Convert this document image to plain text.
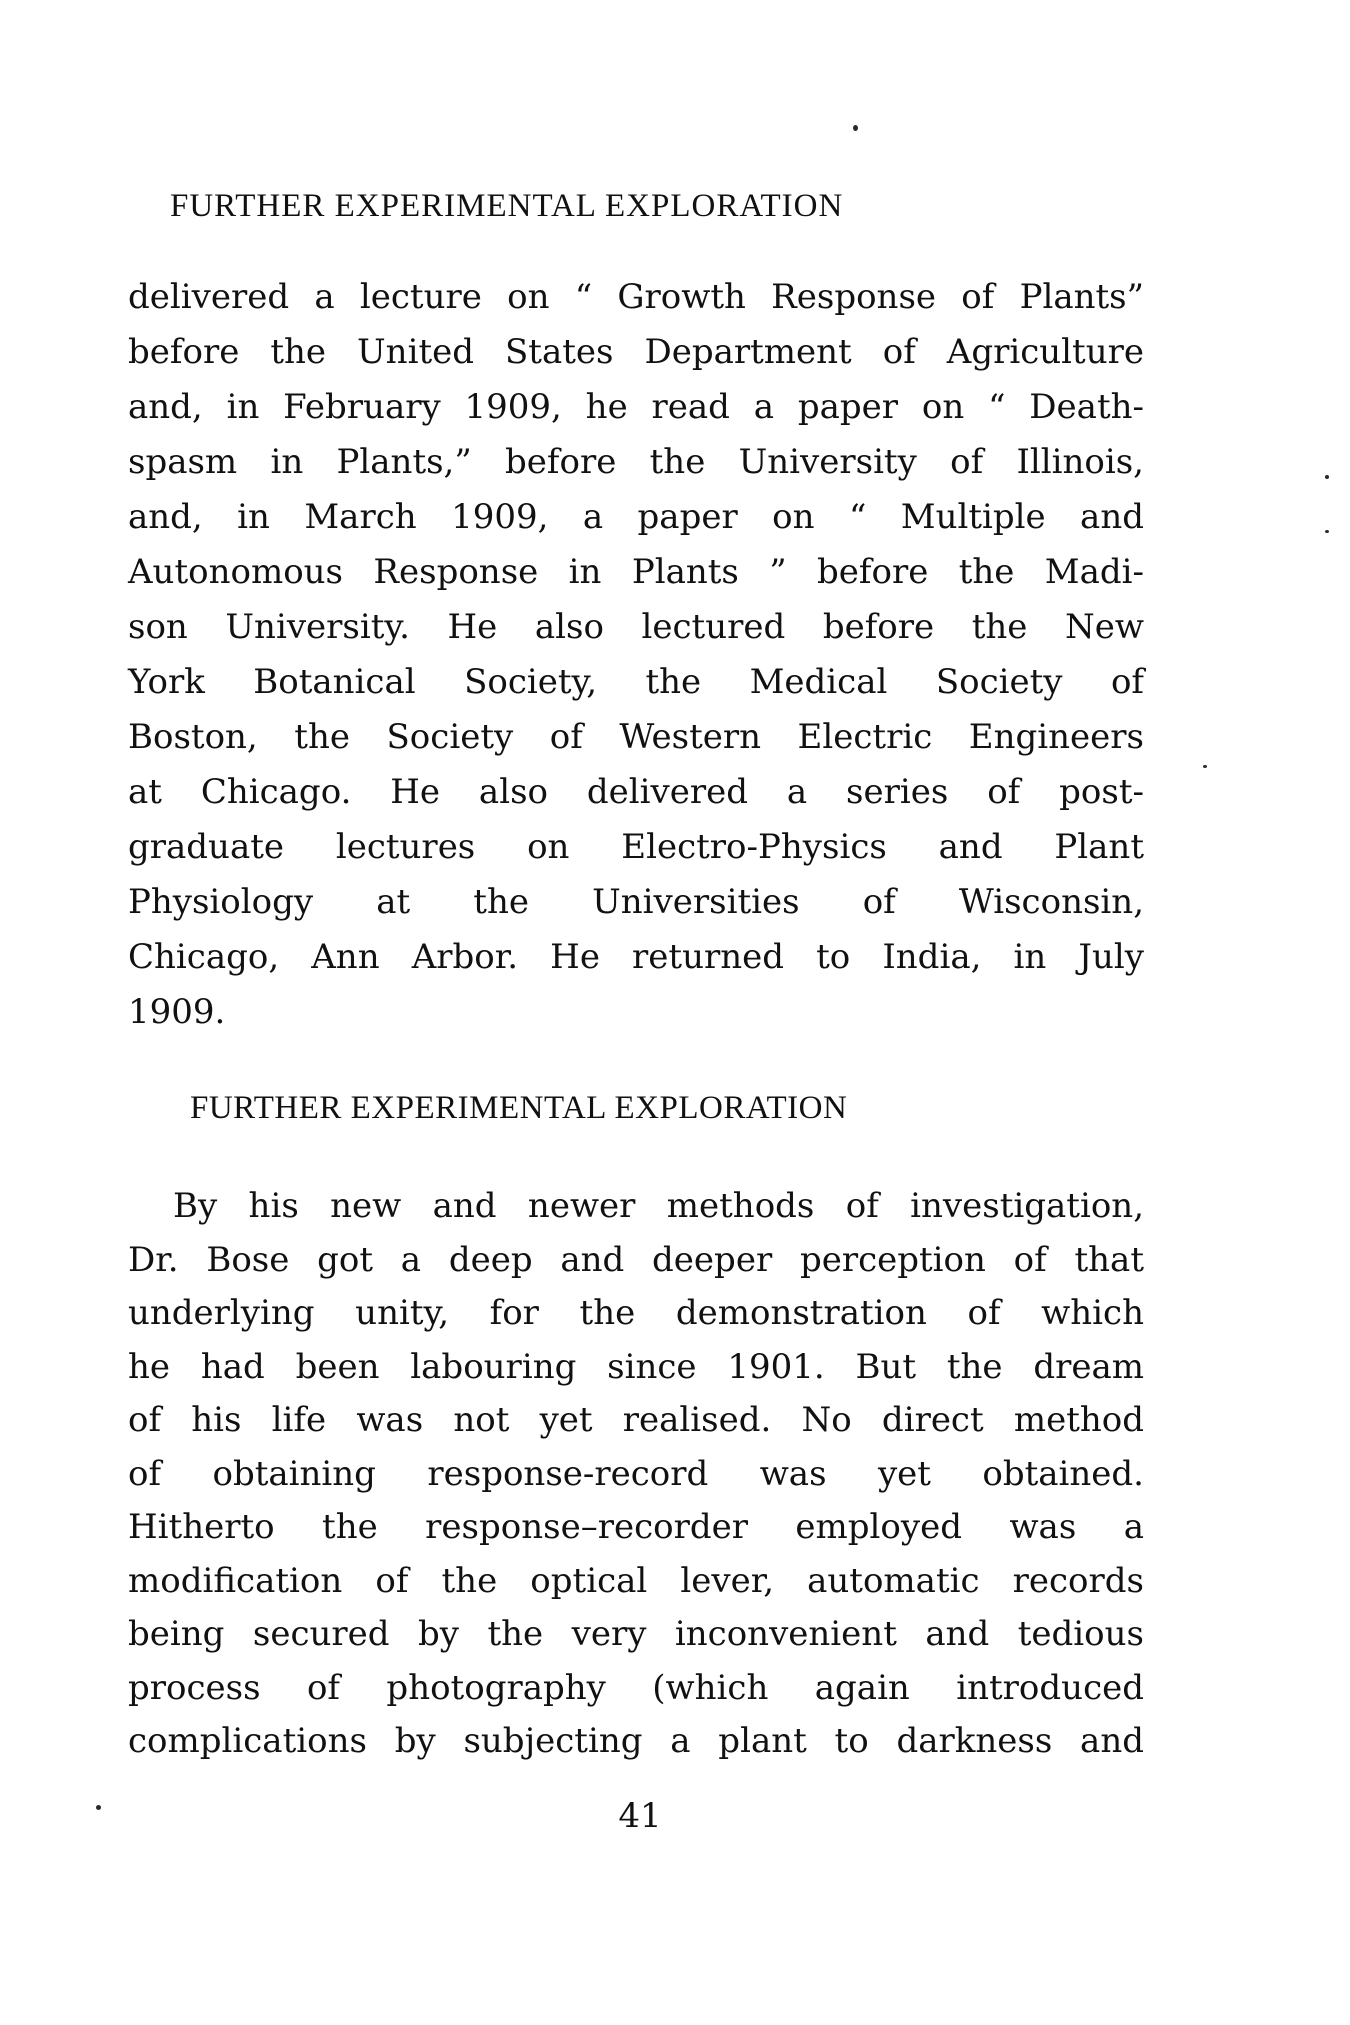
FURTHER EXPERIMENTAL EXPLORATION

delivered a lecture on “ Growth Response of Plants”
before the United States Department of Agriculture
and, in February 1909, he read a paper on “ Death-
spasm in Plants,” before the University of Illinois,
and, in March 1909, a paper on “ Multiple and
Autonomous Response in Plants ” before the Madi-
son University. He also lectured before the New
York Botanical Society, the Medical Society of
Boston, the Society of Western Electric Engineers
at Chicago. He also delivered a series of post-
graduate lectures on Electro-Physics and Plant
Physiology at the Universities of Wisconsin,
Chicago, Ann Arbor. He returned to India, in July
1909.

FURTHER EXPERIMENTAL EXPLORATION

By his new and newer methods of investigation,
Dr. Bose got a deep and deeper perception of that
underlying unity, for the demonstration of which
he had been labouring since 1901. But the dream
of his life was not yet realised. No direct method
of obtaining response-record was yet obtained.
Hitherto the response–recorder employed was a
modification of the optical lever, automatic records
being secured by the very inconvenient and tedious
process of photography (which again introduced
complications by subjecting a plant to darkness and

41
